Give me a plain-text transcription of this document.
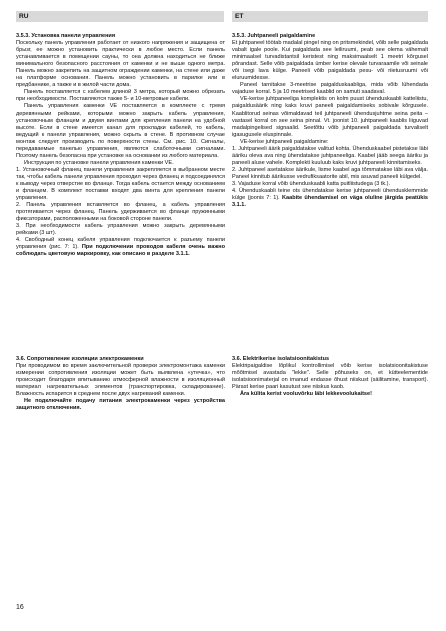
RU	ET

3.5.3. Установка панели управления

Поскольку панель управления работает от низкого напряжения и защищена от брызг, ее можно установить практически в любое место. Если панель устанавливается в помещении сауны, то она должна находиться не ближе минимального безопасного расстояния от каменки и не выше одного метра. Панель можно закрепить на защитном ограждении каменки, на стене или даже на платформе основания. Панель можно установить в парилке или в предбаннике, а также и в жилой части дома.

Панель поставляется с кабелем длиной 3 метра, который можно обрезать при необходимости. Поставляются также 5- и 10-метровые кабели.

Панель управления каменки VE поставляется в комплекте с тремя деревянными рейками, которыми можно закрыть кабель управления, установочным фланцем и двумя винтами для крепления панели на удобной высоте. Если в стене имеется канал для прокладки кабелей, то кабель, ведущий к панели управления, можно скрыть в стене. В противном случае монтаж следует производить по поверхности стены. См. рис. 10. Сигналы, передаваемые панелью управления, являются слаботочными сигналами. Поэтому панель безопасна при установке на основании из любого материала.

Инструкция по установке панели управления каменки VE.

1. Установочный фланец панели управления закрепляется в выбранном месте так, чтобы кабель панели управления проходил через фланец и подсоединялся к выводу через отверстие во фланце. Тогда кабель остается между основанием и фланцем. В комплект поставки входят два винта для крепления панели управления.

2. Панель управления вставляется во фланец, а кабель управления протягивается через фланец. Панель удерживается во фланце пружинными фиксаторами, расположенными на боковой стороне панели.

3. При необходимости кабель управления можно закрыть деревянными рейками (3 шт).

4. Свободный конец кабеля управления подключается к разъему панели управления (рис. 7: 1). При подключении проводов кабеля очень важно соблюдать цветовую маркировку, как описано в разделе 3.1.1.

3.6. Сопротивление изоляции электрокаменки

При проводимом во время заключительной проверки электромонтажа каменки измерении сопротивления изоляции может быть выявлена «утечка», что происходит благодаря впитыванию атмосферной влажности в изоляционный материал нагревательных элементов (транспортировка, складирование). Влажность испарится в среднем после двух нагреваний каменки.

Не подключайте подачу питания электрокаменки через устройства защитного отключения.

3.5.3. Juhtpaneeli paigaldamine

Et juhtpaneel töötab madalal pingel ning on pritsmekindel, võib selle paigaldada vabalt igale poole. Kui paigaldada see leiliruumi, peab see olema vähemalt minimaalsel turvadistantsil keristest ning maksimaalselt 1 meetri kõrgusel põrandast. Selle võib paigaldada ümber kerise olevale turvaraamile või seinale või isegi lava külge. Paneeli võib paigaldada pesu- või riietusruumi või eluruumidesse.

Paneel tarnitakse 3-meetrise paigalduskaabliga, mida võib lühendada vajaduse korral. 5 ja 10 meetrised kaablid on samuti saadaval.

VE-kerise juhtpaneeliga komplektis on kolm puust ühenduskaabli katteliistu, paigaldusäärik ning kaks kruvi paneeli paigaldamiseks sobivale kõrgusele. Kaablitorud seinas võimaldavad teil juhtpaneeli ühendusjuhtme seina peita – vastasel korral on see seina pinnal. Vt. joonist 10. juhtpaneeli kaablis liiguvad madalpingelised signaalid. Seetõttu võib juhtpaneeli paigaldada turvaliselt igasugusele eluspinnale.

VE-kerise juhtpaneeli paigaldamine:

1. Juhtpaneeli äärik paigaldatakse valitud kohta. Ühenduskaabel pistetakse läbi ääriku oleva ava ning ühendatakse juhtpaneeliga. Kaabel jääb seega ääriku ja paneeli aluse vahele. Komplekti kuuluub kaks kruvi juhtpaneeli kinnitamiseks.

2. Juhtpaneel asetatakse äärikule, lisme kaabel aga tõmmatakse läbi ava välja. Paneel kinnitub äärikusse vedrufiksaatorite abil, mis asuvad paneeli külgedel.

3. Vajaduse korral võib ühenduskaabli katta puitliistudega (3 tk.).

4. Ühenduskaabli teine ots ühendatakse kerise juhtpaneeli ühendusklemmide külge (joonis 7: 1). Kaabite ühendamisel on väga oluline järgida peatükis 3.1.1.

3.6. Elektrikerise isolatsioonitakistus

Elektripaigaldise lõplikul kontrollimisel võib kerise isolatsioonitakistuse mõõtmisel avastada "lekke". Selle põhuseks on, et kütteelementide isolatsioonimaterjal on imanud endasse õhust niiskust (säilitamine, transport). Pärast kerise paari kasutust see niiskus kaob.

Ära külita kerist vooluvõrku läbi lekkevoolukaitse!

16
